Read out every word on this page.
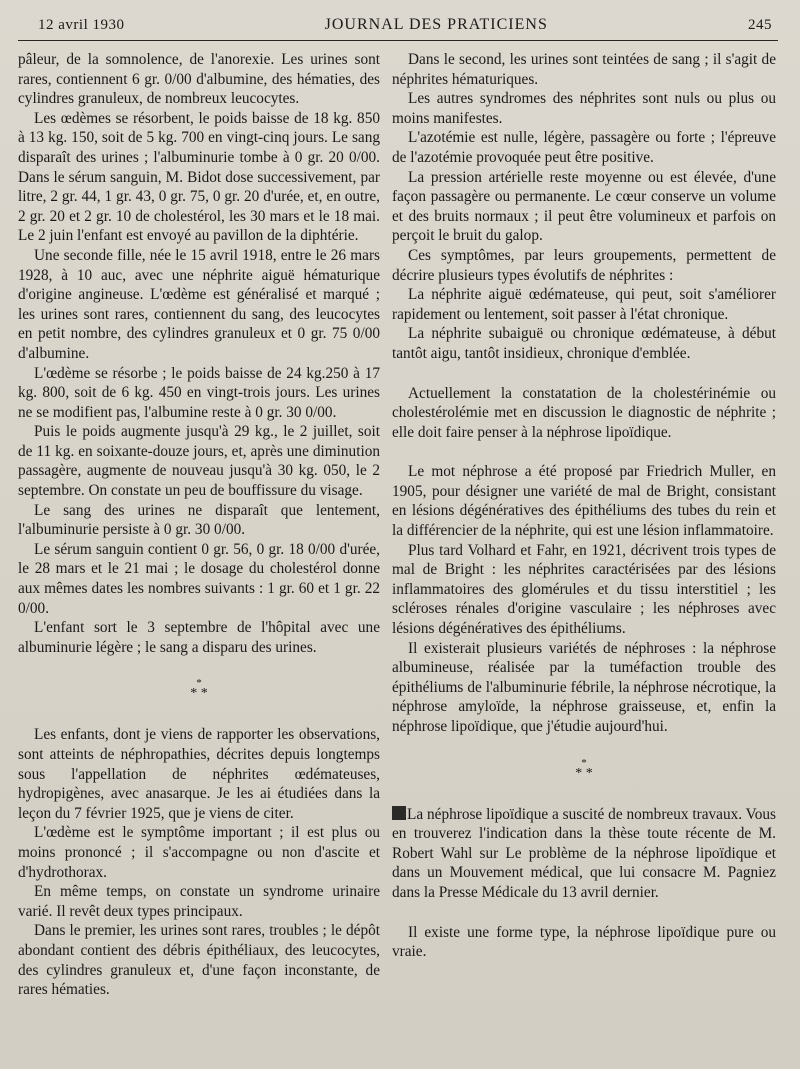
12 avril 1930	JOURNAL DES PRATICIENS	245

pâleur, de la somnolence, de l'anorexie. Les urines sont rares, contiennent 6 gr. 0/00 d'albumine, des hématies, des cylindres granuleux, de nombreux leucocytes.

Les œdèmes se résorbent, le poids baisse de 18 kg. 850 à 13 kg. 150, soit de 5 kg. 700 en vingt-cinq jours. Le sang disparaît des urines ; l'albuminurie tombe à 0 gr. 20 0/00. Dans le sérum sanguin, M. Bidot dose successivement, par litre, 2 gr. 44, 1 gr. 43, 0 gr. 75, 0 gr. 20 d'urée, et, en outre, 2 gr. 20 et 2 gr. 10 de cholestérol, les 30 mars et le 18 mai. Le 2 juin l'enfant est envoyé au pavillon de la diphtérie.

Une seconde fille, née le 15 avril 1918, entre le 26 mars 1928, à 10 auc, avec une néphrite aiguë hématurique d'origine angineuse. L'œdème est généralisé et marqué ; les urines sont rares, contiennent du sang, des leucocytes en petit nombre, des cylindres granuleux et 0 gr. 75 0/00 d'albumine.

L'œdème se résorbe ; le poids baisse de 24 kg.250 à 17 kg. 800, soit de 6 kg. 450 en vingt-trois jours. Les urines ne se modifient pas, l'albumine reste à 0 gr. 30 0/00.

Puis le poids augmente jusqu'à 29 kg., le 2 juillet, soit de 11 kg. en soixante-douze jours, et, après une diminution passagère, augmente de nouveau jusqu'à 30 kg. 050, le 2 septembre. On constate un peu de bouffissure du visage.

Le sang des urines ne disparaît que lentement, l'albuminurie persiste à 0 gr. 30 0/00.

Le sérum sanguin contient 0 gr. 56, 0 gr. 18 0/00 d'urée, le 28 mars et le 21 mai ; le dosage du cholestérol donne aux mêmes dates les nombres suivants : 1 gr. 60 et 1 gr. 22 0/00.

L'enfant sort le 3 septembre de l'hôpital avec une albuminurie légère ; le sang a disparu des urines.

*
* *

Les enfants, dont je viens de rapporter les observations, sont atteints de néphropathies, décrites depuis longtemps sous l'appellation de néphrites œdémateuses, hydropigènes, avec anasarque. Je les ai étudiées dans la leçon du 7 février 1925, que je viens de citer.

L'œdème est le symptôme important ; il est plus ou moins prononcé ; il s'accompagne ou non d'ascite et d'hydrothorax.

En même temps, on constate un syndrome urinaire varié. Il revêt deux types principaux.

Dans le premier, les urines sont rares, troubles ; le dépôt abondant contient des débris épithéliaux, des leucocytes, des cylindres granuleux et, d'une façon inconstante, de rares hématies.

Dans le second, les urines sont teintées de sang ; il s'agit de néphrites hématuriques.

Les autres syndromes des néphrites sont nuls ou plus ou moins manifestes.

L'azotémie est nulle, légère, passagère ou forte ; l'épreuve de l'azotémie provoquée peut être positive.

La pression artérielle reste moyenne ou est élevée, d'une façon passagère ou permanente. Le cœur conserve un volume et des bruits normaux ; il peut être volumineux et parfois on perçoit le bruit du galop.

Ces symptômes, par leurs groupements, permettent de décrire plusieurs types évolutifs de néphrites :

La néphrite aiguë œdémateuse, qui peut, soit s'améliorer rapidement ou lentement, soit passer à l'état chronique.

La néphrite subaiguë ou chronique œdémateuse, à début tantôt aigu, tantôt insidieux, chronique d'emblée.

Actuellement la constatation de la cholestérinémie ou cholestérolémie met en discussion le diagnostic de néphrite ; elle doit faire penser à la néphrose lipoïdique.

Le mot néphrose a été proposé par Friedrich Muller, en 1905, pour désigner une variété de mal de Bright, consistant en lésions dégénératives des épithéliums des tubes du rein et la différencier de la néphrite, qui est une lésion inflammatoire.

Plus tard Volhard et Fahr, en 1921, décrivent trois types de mal de Bright : les néphrites caractérisées par des lésions inflammatoires des glomérules et du tissu interstitiel ; les scléroses rénales d'origine vasculaire ; les néphroses avec lésions dégénératives des épithéliums.

Il existerait plusieurs variétés de néphroses : la néphrose albumineuse, réalisée par la tuméfaction trouble des épithéliums de l'albuminurie fébrile, la néphrose nécrotique, la néphrose amyloïde, la néphrose graisseuse, et, enfin la néphrose lipoïdique, que j'étudie aujourd'hui.

*
* *

La néphrose lipoïdique a suscité de nombreux travaux. Vous en trouverez l'indication dans la thèse toute récente de M. Robert Wahl sur Le problème de la néphrose lipoïdique et dans un Mouvement médical, que lui consacre M. Pagniez dans la Presse Médicale du 13 avril dernier.

Il existe une forme type, la néphrose lipoïdique pure ou vraie.
